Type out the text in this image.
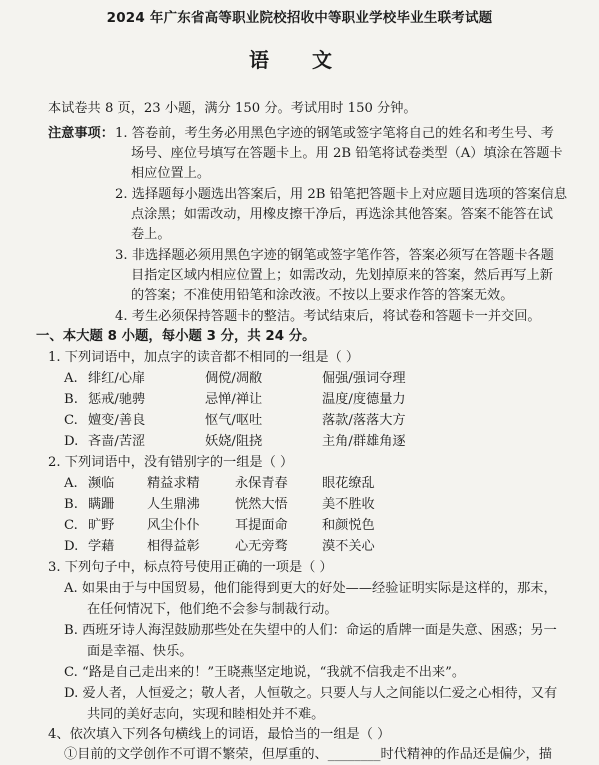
2024 年广东省高等职业院校招收中等职业学校毕业生联考试题
语 文
本试卷共 8 页，23 小题，满分 150 分。考试用时 150 分钟。
注意事项： 1. 答卷前，考生务必用黑色字迹的钢笔或签字笔将自己的姓名和考生号、考
场号、座位号填写在答题卡上。用 2B 铅笔将试卷类型（A）填涂在答题卡
相应位置上。
2. 选择题每小题选出答案后，用 2B 铅笔把答题卡上对应题目选项的答案信息
点涂黑；如需改动，用橡皮擦干净后，再选涂其他答案。答案不能答在试
卷上。
3. 非选择题必须用黑色字迹的钢笔或签字笔作答，答案必须写在答题卡各题
目指定区域内相应位置上；如需改动，先划掉原来的答案，然后再写上新
的答案；不准使用铅笔和涂改液。不按以上要求作答的答案无效。
4. 考生必须保持答题卡的整洁。考试结束后，将试卷和答题卡一并交回。
一、本大题 8 小题，每小题 3 分，共 24 分。
1. 下列词语中，加点字的读音都不相同的一组是（ ）
A. 绯红/心扉	倜傥/凋敝	倔强/强词夺理
B. 惩戒/驰骋	忌惮/禅让	温度/度德量力
C. 嬗变/善良	怄气/呕吐	落款/落落大方
D. 吝啬/苦涩	妖娆/阻挠	主角/群雄角逐
2. 下列词语中，没有错别字的一组是（ ）
A. 濒临 精益求精	永保青春	眼花缭乱
B. 瞒跚 人生鼎沸	恍然大悟	美不胜收
C. 旷野 风尘仆仆	耳提面命	和颜悦色
D. 学藉 相得益彰	心无旁骛	漠不关心
3. 下列句子中，标点符号使用正确的一项是（ ）
A. 如果由于与中国贸易，他们能得到更大的好处——经验证明实际是这样的，那末，
在任何情况下，他们绝不会参与制裁行动。
B. 西班牙诗人海涅鼓励那些处在失望中的人们：命运的盾牌一面是失意、困惑；另一
面是幸福、快乐。
C. “路是自己走出来的！”王晓燕坚定地说，“我就不信我走不出来”。
D. 爱人者，人恒爱之；敬人者，人恒敬之。只要人与人之间能以仁爱之心相待，又有
共同的美好志向，实现和睦相处并不难。
4、依次填入下列各句横线上的词语，最恰当的一组是（ ）
①目前的文学创作不可谓不繁荣，但厚重的、________时代精神的作品还是偏少，描
